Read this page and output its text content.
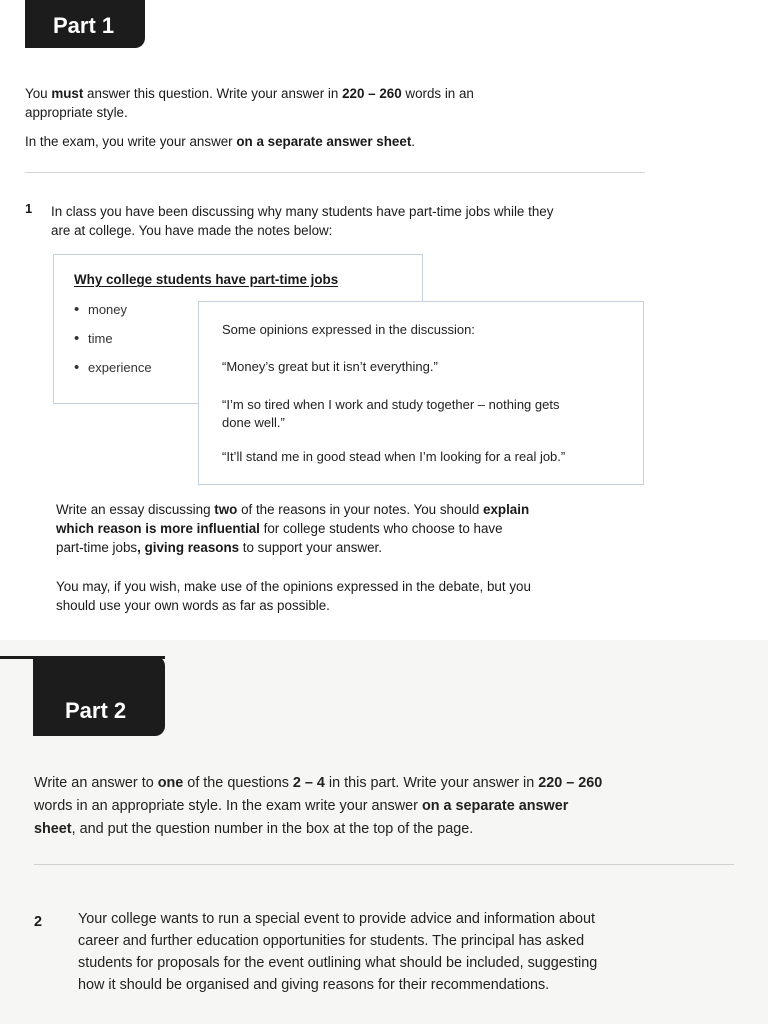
Part 1
You must answer this question. Write your answer in 220 – 260 words in an
appropriate style.
In the exam, you write your answer on a separate answer sheet.
1 In class you have been discussing why many students have part-time jobs while they
are at college. You have made the notes below:
Why college students have part-time jobs
• money
• time
• experience
Some opinions expressed in the discussion:
“Money’s great but it isn’t everything.”
“I’m so tired when I work and study together – nothing gets
done well.”
“It’ll stand me in good stead when I’m looking for a real job.”
Write an essay discussing two of the reasons in your notes. You should explain
which reason is more influential for college students who choose to have
part-time jobs, giving reasons to support your answer.
You may, if you wish, make use of the opinions expressed in the debate, but you
should use your own words as far as possible.
Part 2
Write an answer to one of the questions 2 – 4 in this part. Write your answer in 220 – 260
words in an appropriate style. In the exam write your answer on a separate answer
sheet, and put the question number in the box at the top of the page.
2 Your college wants to run a special event to provide advice and information about
career and further education opportunities for students. The principal has asked
students for proposals for the event outlining what should be included, suggesting
how it should be organised and giving reasons for their recommendations.
